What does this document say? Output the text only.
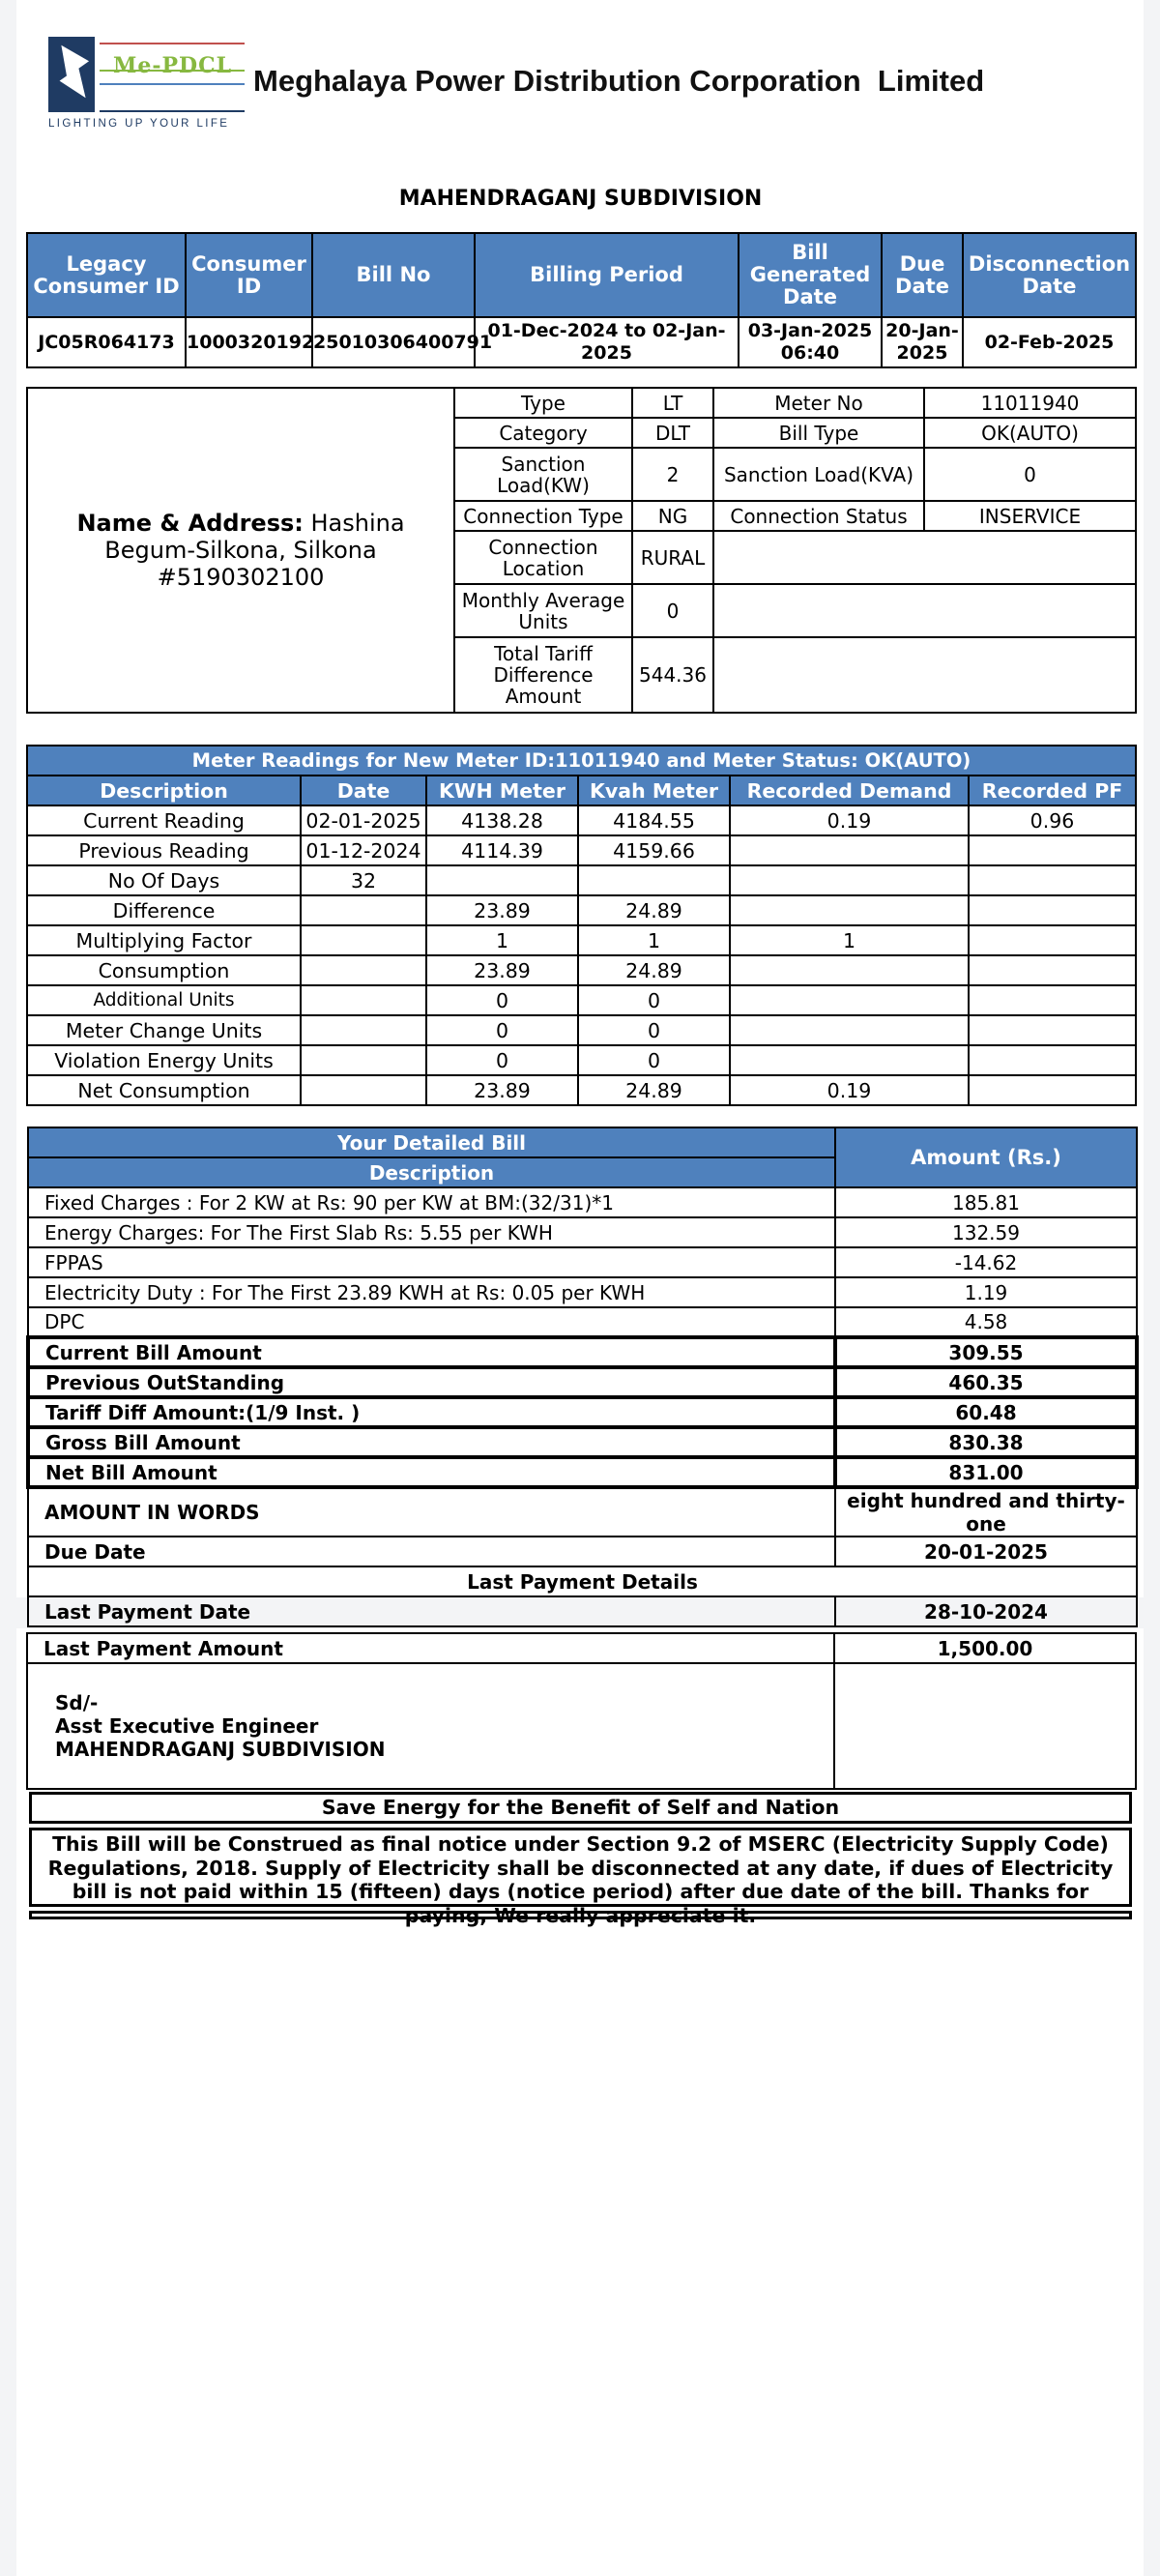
Me-PDCL
LIGHTING UP YOUR LIFE
Meghalaya Power Distribution Corporation  Limited
MAHENDRAGANJ SUBDIVISION
Legacy Consumer ID	Consumer ID	Bill No	Billing Period	Bill Generated Date	Due Date	Disconnection Date
JC05R064173	1000320192	25010306400791	01-Dec-2024 to 02-Jan-2025	03-Jan-2025 06:40	20-Jan-2025	02-Feb-2025
Name & Address: Hashina Begum-Silkona, Silkona #5190302100	Type	LT	Meter No	11011940
	Category	DLT	Bill Type	OK(AUTO)
	Sanction Load(KW)	2	Sanction Load(KVA)	0
	Connection Type	NG	Connection Status	INSERVICE
	Connection Location	RURAL		
	Monthly Average Units	0		
	Total Tariff Difference Amount	544.36		
Meter Readings for New Meter ID:11011940 and Meter Status: OK(AUTO)					
Description	Date	KWH Meter	Kvah Meter	Recorded Demand	Recorded PF
Current Reading	02-01-2025	4138.28	4184.55	0.19	0.96
Previous Reading	01-12-2024	4114.39	4159.66		
No Of Days	32				
Difference		23.89	24.89		
Multiplying Factor		1	1	1	
Consumption		23.89	24.89		
Additional Units		0	0		
Meter Change Units		0	0		
Violation Energy Units		0	0		
Net Consumption		23.89	24.89	0.19	
Your Detailed Bill	Amount (Rs.)
Description	
Fixed Charges : For 2 KW at Rs: 90 per KW at BM:(32/31)*1	185.81
Energy Charges: For The First Slab Rs: 5.55 per KWH	132.59
FPPAS	-14.62
Electricity Duty : For The First 23.89 KWH at Rs: 0.05 per KWH	1.19
DPC	4.58
Current Bill Amount	309.55
Previous OutStanding	460.35
Tariff Diff Amount:(1/9 Inst. )	60.48
Gross Bill Amount	830.38
Net Bill Amount	831.00
AMOUNT IN WORDS	eight hundred and thirty-one
Due Date	20-01-2025
Last Payment Details	
Last Payment Date	28-10-2024
Last Payment Amount	1,500.00

Sd/-
Asst Executive Engineer
MAHENDRAGANJ SUBDIVISION	

Save Energy for the Benefit of Self and Nation
This Bill will be Construed as final notice under Section 9.2 of MSERC (Electricity Supply Code) Regulations, 2018. Supply of Electricity shall be disconnected at any date, if dues of Electricity bill is not paid within 15 (fifteen) days (notice period) after due date of the bill. Thanks for paying, We really appreciate it.
